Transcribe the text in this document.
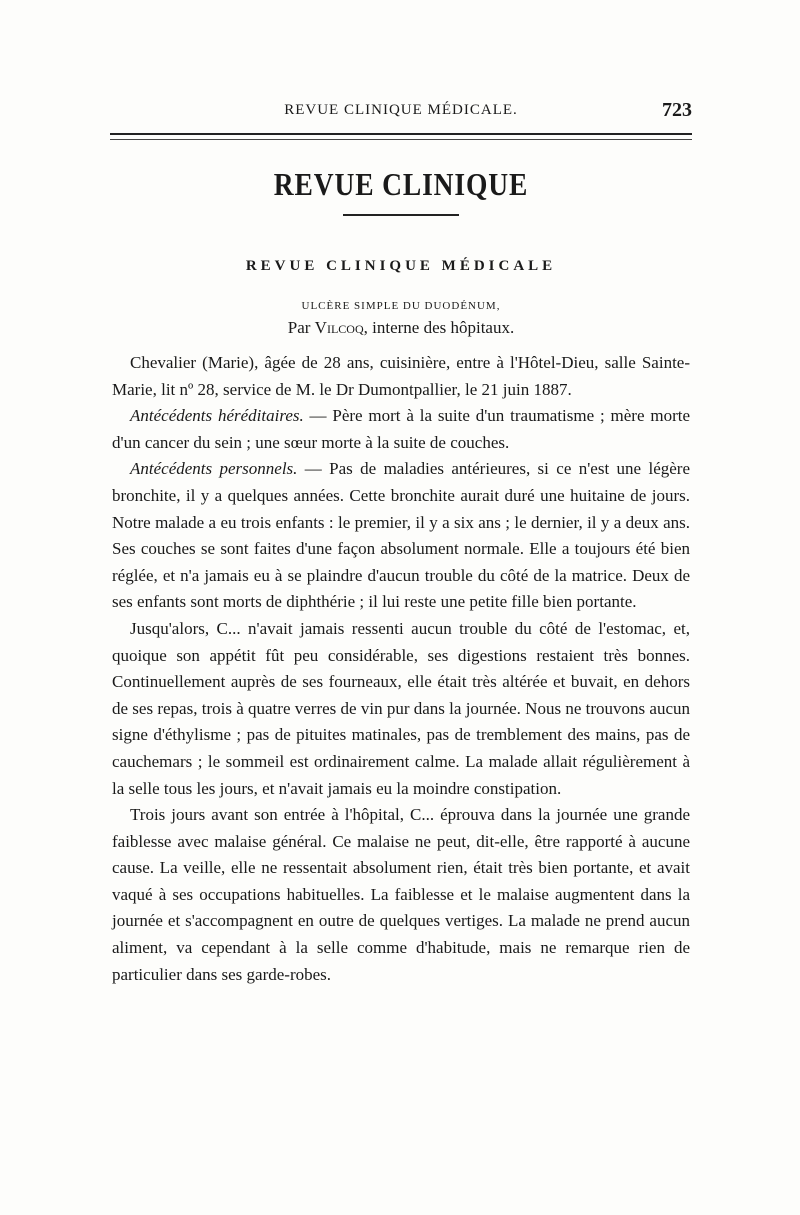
REVUE CLINIQUE MÉDICALE.	723
REVUE CLINIQUE
REVUE CLINIQUE MÉDICALE
ULCÈRE SIMPLE DU DUODÉNUM,
Par Vilcoq, interne des hôpitaux.

Chevalier (Marie), âgée de 28 ans, cuisinière, entre à l'Hôtel-Dieu, salle Sainte-Marie, lit nº 28, service de M. le Dr Dumontpallier, le 21 juin 1887.

Antécédents héréditaires. — Père mort à la suite d'un traumatisme ; mère morte d'un cancer du sein ; une sœur morte à la suite de couches.

Antécédents personnels. — Pas de maladies antérieures, si ce n'est une légère bronchite, il y a quelques années. Cette bronchite aurait duré une huitaine de jours. Notre malade a eu trois enfants : le premier, il y a six ans ; le dernier, il y a deux ans. Ses couches se sont faites d'une façon absolument normale. Elle a toujours été bien réglée, et n'a jamais eu à se plaindre d'aucun trouble du côté de la matrice. Deux de ses enfants sont morts de diphthérie ; il lui reste une petite fille bien portante.

Jusqu'alors, C... n'avait jamais ressenti aucun trouble du côté de l'estomac, et, quoique son appétit fût peu considérable, ses digestions restaient très bonnes. Continuellement auprès de ses fourneaux, elle était très altérée et buvait, en dehors de ses repas, trois à quatre verres de vin pur dans la journée. Nous ne trouvons aucun signe d'éthylisme ; pas de pituites matinales, pas de tremblement des mains, pas de cauchemars ; le sommeil est ordinairement calme. La malade allait régulièrement à la selle tous les jours, et n'avait jamais eu la moindre constipation.

Trois jours avant son entrée à l'hôpital, C... éprouva dans la journée une grande faiblesse avec malaise général. Ce malaise ne peut, dit-elle, être rapporté à aucune cause. La veille, elle ne ressentait absolument rien, était très bien portante, et avait vaqué à ses occupations habituelles. La faiblesse et le malaise augmentent dans la journée et s'accompagnent en outre de quelques vertiges. La malade ne prend aucun aliment, va cependant à la selle comme d'habitude, mais ne remarque rien de particulier dans ses garde-robes.
